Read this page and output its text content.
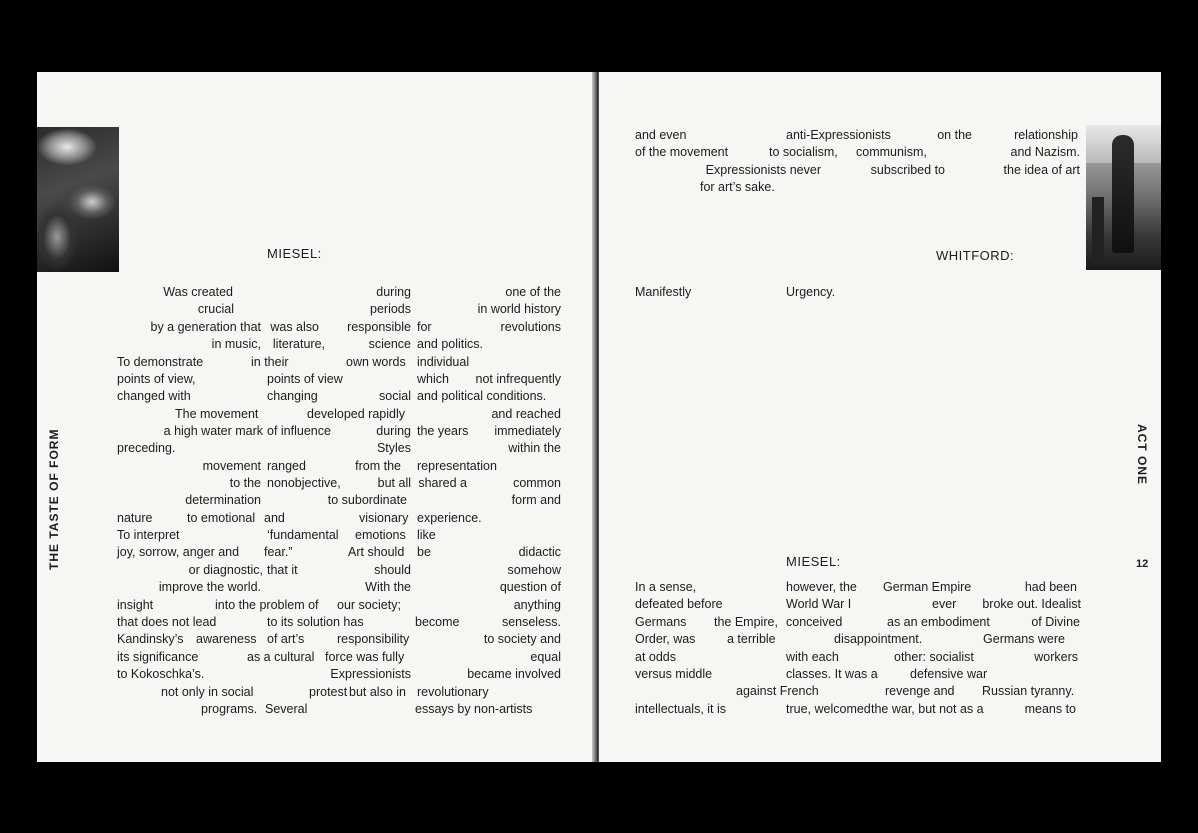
THE TASTE OF FORM
MIESEL:
Was created	during	one of the
crucial	periods	in world history
by a generation that was also responsible for	revolutions
in music, literature,	science and politics.
To demonstrate	in their	own words individual
points of view,	points of view	which not infrequently
changed with	changing	social and political conditions.
The movement	developed rapidly	and reached
a high water mark of influence	during the years immediately
preceding.	Styles	within the
movement ranged	from the representation
to the nonobjective,	but all shared a	common
determination	to subordinate	form and
nature	to emotional and	visionary experience.
To interpret	‘fundamental emotions like
joy, sorrow, anger and fear.”	Art should be	didactic
or diagnostic, that it	should	somehow
improve the world.	With the	question of
insight	into the problem of our society;	anything
that does not lead	to its solution has	become	senseless.
Kandinsky’s awareness of art’s	responsibility	to society and
its significance	as a cultural force was fully	equal
to Kokoschka’s.	Expressionists	became involved
not only in social	protest but also in revolutionary
programs. Several	essays by non-artists
ACT ONE
12
WHITFORD:
MIESEL:
and even	anti-Expressionists	on the	relationship
of the movement	to socialism, communism,	and Nazism.
Expressionists never	subscribed to	the idea of art
for art’s sake.
Manifestly	Urgency.
In a sense,	however, the German Empire	had been
defeated before	World War I	ever broke out. Idealist
Germans the Empire, conceived	as an embodiment	of Divine
Order, was	a terrible	disappointment.	Germans were
at odds	with each	other: socialist	workers
versus middle	classes. It was a	defensive war
against French	revenge and Russian tyranny.
intellectuals, it is	true, welcomed the war, but not as a	means to
